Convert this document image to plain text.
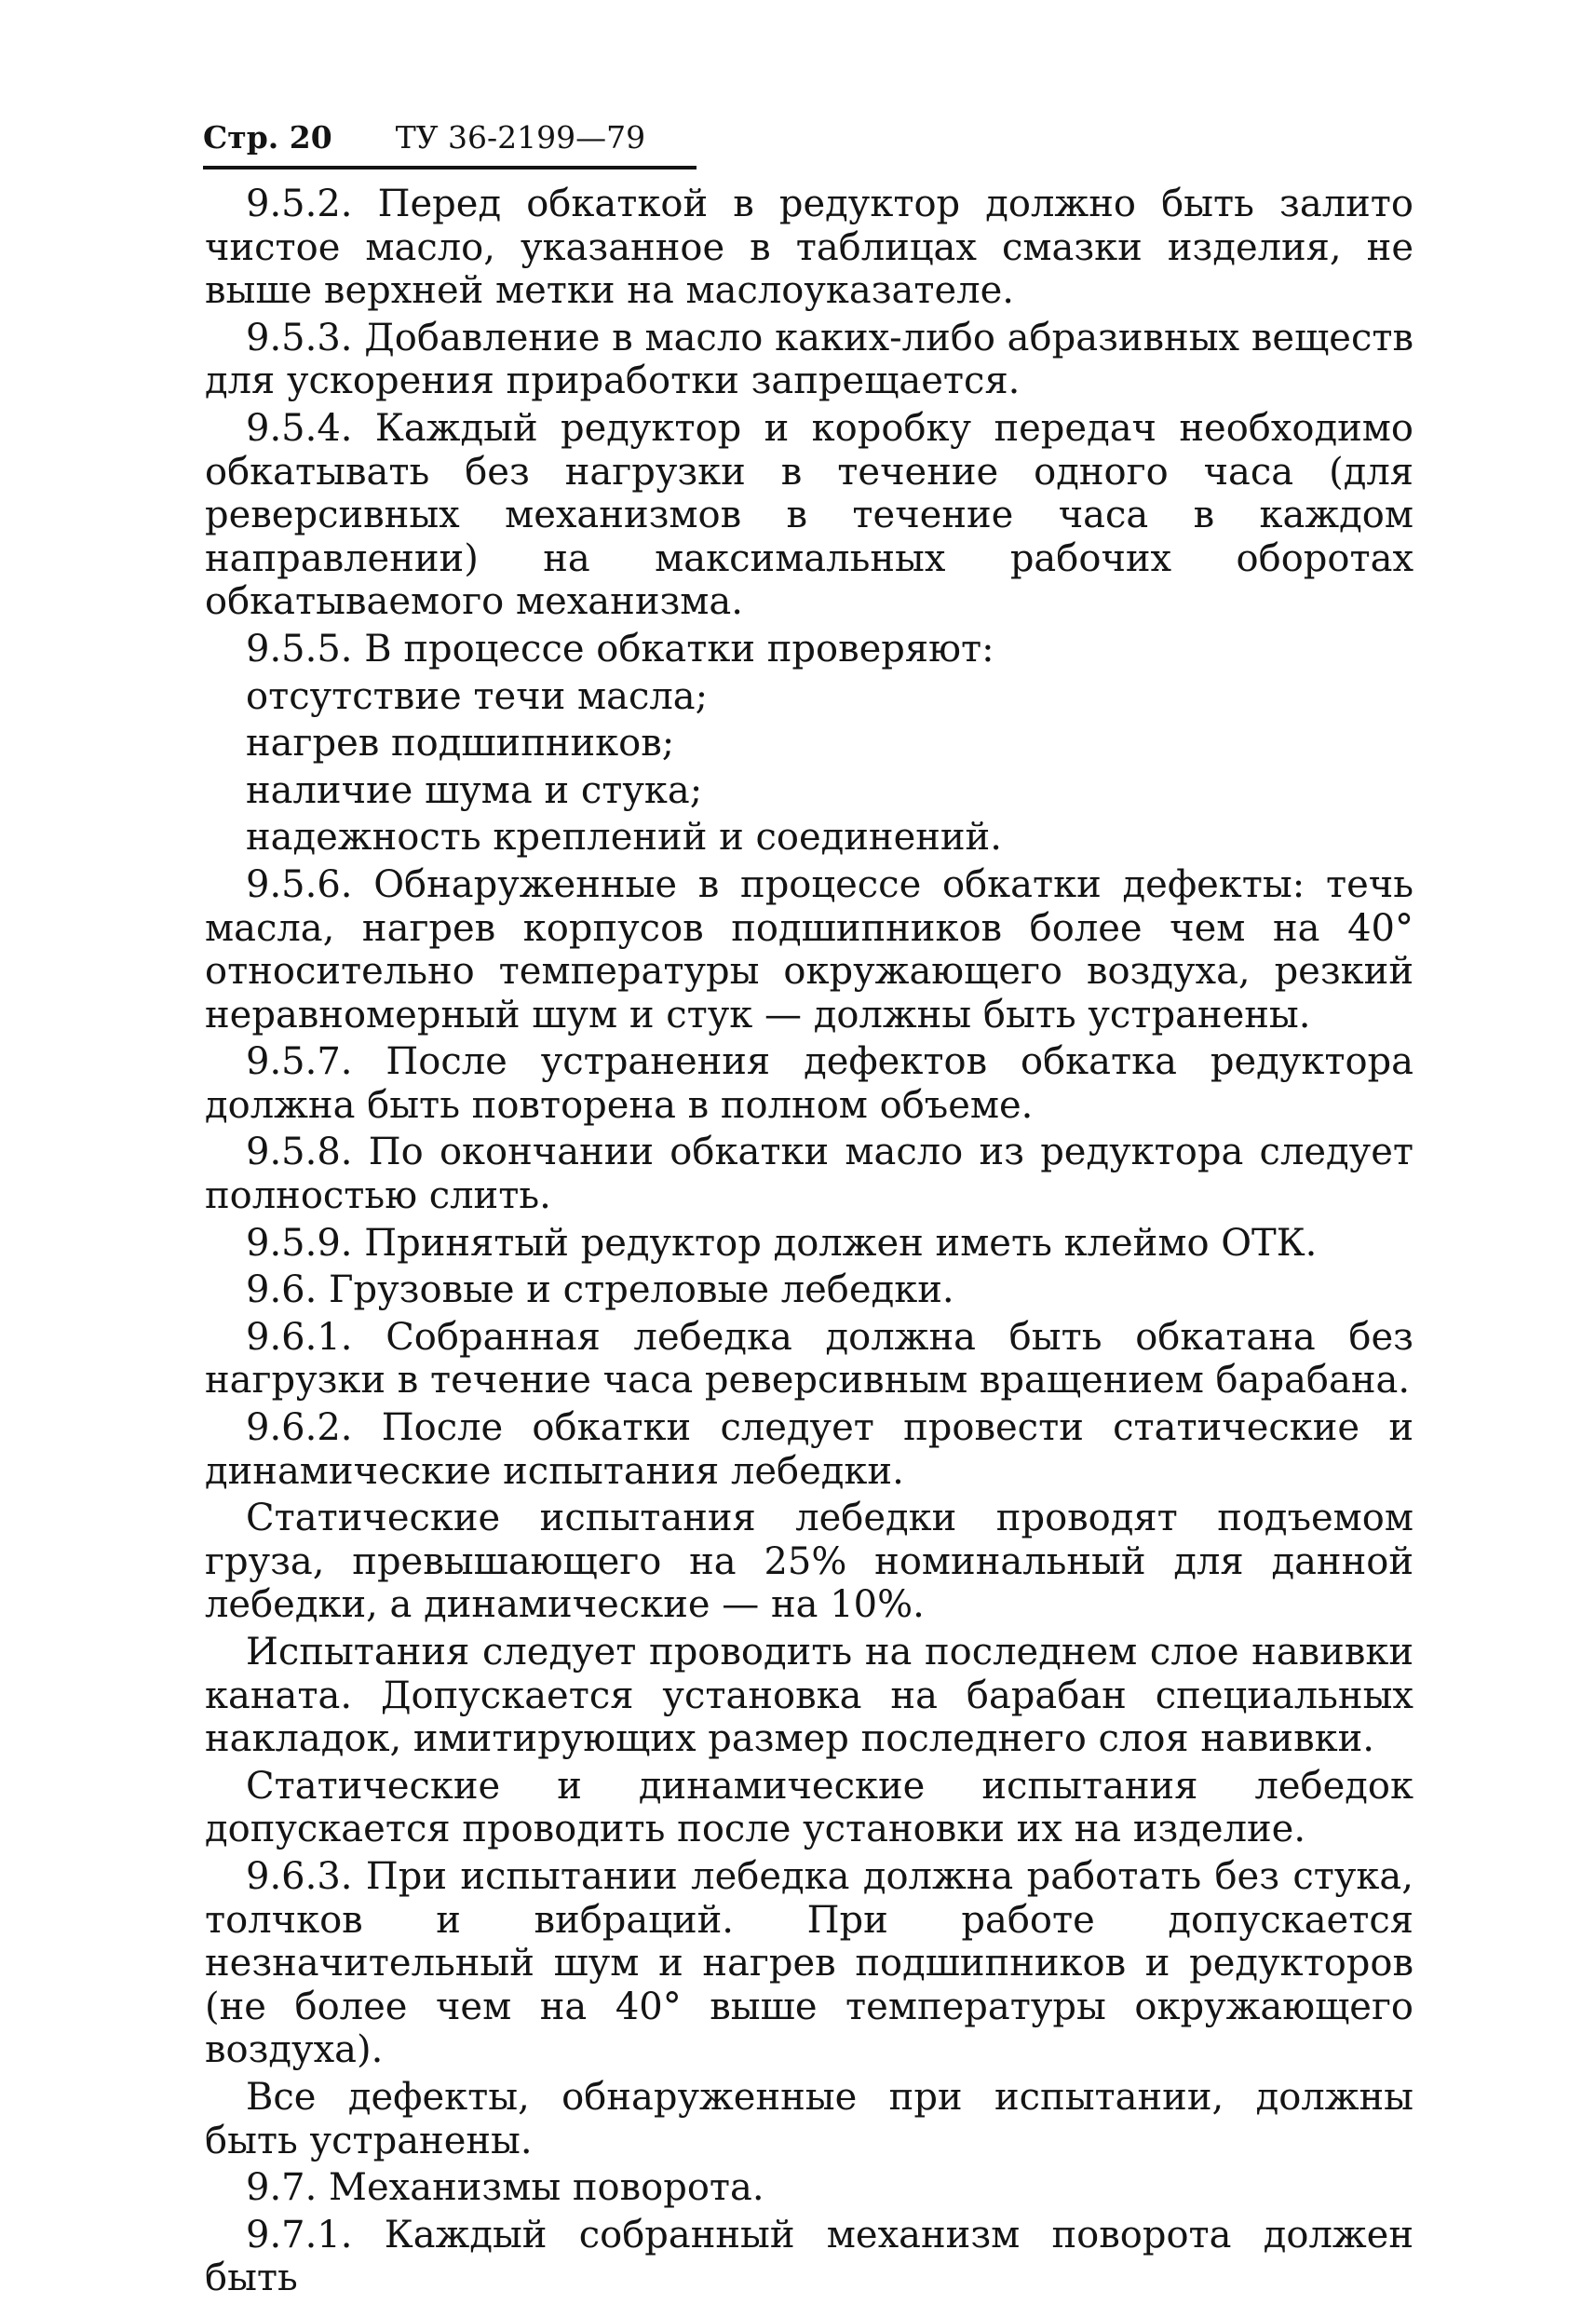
Стр. 20 ТУ 36-2199—79

9.5.2. Перед обкаткой в редуктор должно быть залито чистое масло, указанное в таблицах смазки изделия, не выше верхней метки на маслоуказателе.

9.5.3. Добавление в масло каких-либо абразивных веществ для ускорения приработки запрещается.

9.5.4. Каждый редуктор и коробку передач необходимо обкатывать без нагрузки в течение одного часа (для реверсивных механизмов в течение часа в каждом направлении) на максимальных рабочих оборотах обкатываемого механизма.

9.5.5. В процессе обкатки проверяют:

отсутствие течи масла;

нагрев подшипников;

наличие шума и стука;

надежность креплений и соединений.

9.5.6. Обнаруженные в процессе обкатки дефекты: течь масла, нагрев корпусов подшипников более чем на 40° относительно температуры окружающего воздуха, резкий неравномерный шум и стук — должны быть устранены.

9.5.7. После устранения дефектов обкатка редуктора должна быть повторена в полном объеме.

9.5.8. По окончании обкатки масло из редуктора следует полностью слить.

9.5.9. Принятый редуктор должен иметь клеймо ОТК.

9.6. Грузовые и стреловые лебедки.

9.6.1. Собранная лебедка должна быть обкатана без нагрузки в течение часа реверсивным вращением барабана.

9.6.2. После обкатки следует провести статические и динамические испытания лебедки.

Статические испытания лебедки проводят подъемом груза, превышающего на 25% номинальный для данной лебедки, а динамические — на 10%.

Испытания следует проводить на последнем слое навивки каната. Допускается установка на барабан специальных накладок, имитирующих размер последнего слоя навивки.

Статические и динамические испытания лебедок допускается проводить после установки их на изделие.

9.6.3. При испытании лебедка должна работать без стука, толчков и вибраций. При работе допускается незначительный шум и нагрев подшипников и редукторов (не более чем на 40° выше температуры окружающего воздуха).

Все дефекты, обнаруженные при испытании, должны быть устранены.

9.7. Механизмы поворота.

9.7.1. Каждый собранный механизм поворота должен быть
